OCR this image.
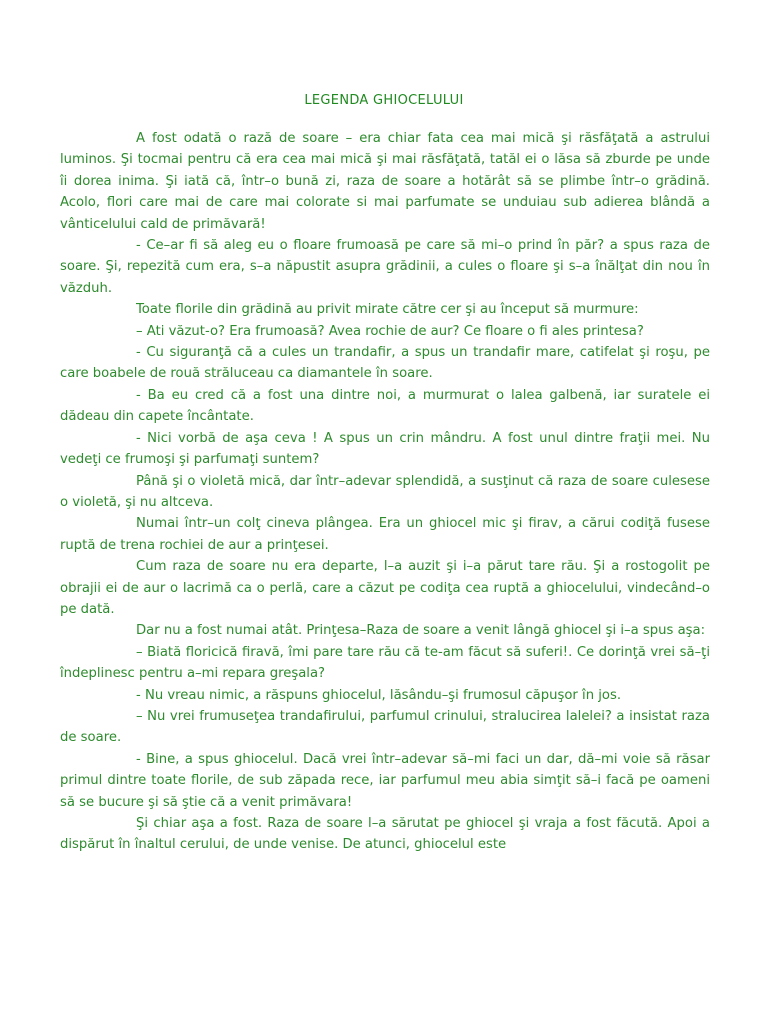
LEGENDA GHIOCELULUI

A fost odată o rază de soare – era chiar fata cea mai mică şi răsfăţată a astrului luminos. Şi tocmai pentru că era cea mai mică şi mai răsfăţată, tatăl ei o lăsa să zburde pe unde îi dorea inima. Şi iată că, într–o bună zi, raza de soare a hotărât să se plimbe într–o grădină. Acolo, flori care mai de care mai colorate si mai parfumate se unduiau sub adierea blândă a vânticelului cald de primăvară!

- Ce–ar fi să aleg eu o floare frumoasă pe care să mi–o prind în păr? a spus raza de soare. Şi, repezită cum era, s–a năpustit asupra grădinii, a cules o floare şi s–a înălţat din nou în văzduh.

Toate florile din grădină au privit mirate către cer şi au început să murmure:

– Ati văzut-o? Era frumoasă? Avea rochie de aur? Ce floare o fi ales printesa?

- Cu siguranţă că a cules un trandafir, a spus un trandafir mare, catifelat şi roşu, pe care boabele de rouă străluceau ca diamantele în soare.

- Ba eu cred că a fost una dintre noi, a murmurat o lalea galbenă, iar suratele ei dădeau din capete încântate.

- Nici vorbă de aşa ceva ! A spus un crin mândru. A fost unul dintre fraţii mei. Nu vedeţi ce frumoşi şi parfumaţi suntem?

Până şi o violetă mică, dar într–adevar splendidă, a susţinut că raza de soare culesese o violetă, şi nu altceva.

Numai într–un colţ cineva plângea. Era un ghiocel mic şi firav, a cărui codiţă fusese ruptă de trena rochiei de aur a prinţesei.

Cum raza de soare nu era departe, l–a auzit şi i–a părut tare rău. Şi a rostogolit pe obrajii ei de aur o lacrimă ca o perlă, care a căzut pe codiţa cea ruptă a ghiocelului, vindecând–o pe dată.

Dar nu a fost numai atât. Prinţesa–Raza de soare a venit lângă ghiocel şi i–a spus aşa:

– Biată floricică firavă, îmi pare tare rău că te-am făcut să suferi!. Ce dorinţă vrei să–ţi îndeplinesc pentru a–mi repara greşala?

- Nu vreau nimic, a răspuns ghiocelul, lăsându–şi frumosul căpuşor în jos.

– Nu vrei frumuseţea trandafirului, parfumul crinului, stralucirea lalelei? a insistat raza de soare.

- Bine, a spus ghiocelul. Dacă vrei într–adevar să–mi faci un dar, dă–mi voie să răsar primul dintre toate florile, de sub zăpada rece, iar parfumul meu abia simţit să–i facă pe oameni să se bucure şi să ştie că a venit primăvara!

Şi chiar aşa a fost. Raza de soare l–a sărutat pe ghiocel şi vraja a fost făcută. Apoi a dispărut în înaltul cerului, de unde venise. De atunci, ghiocelul este
